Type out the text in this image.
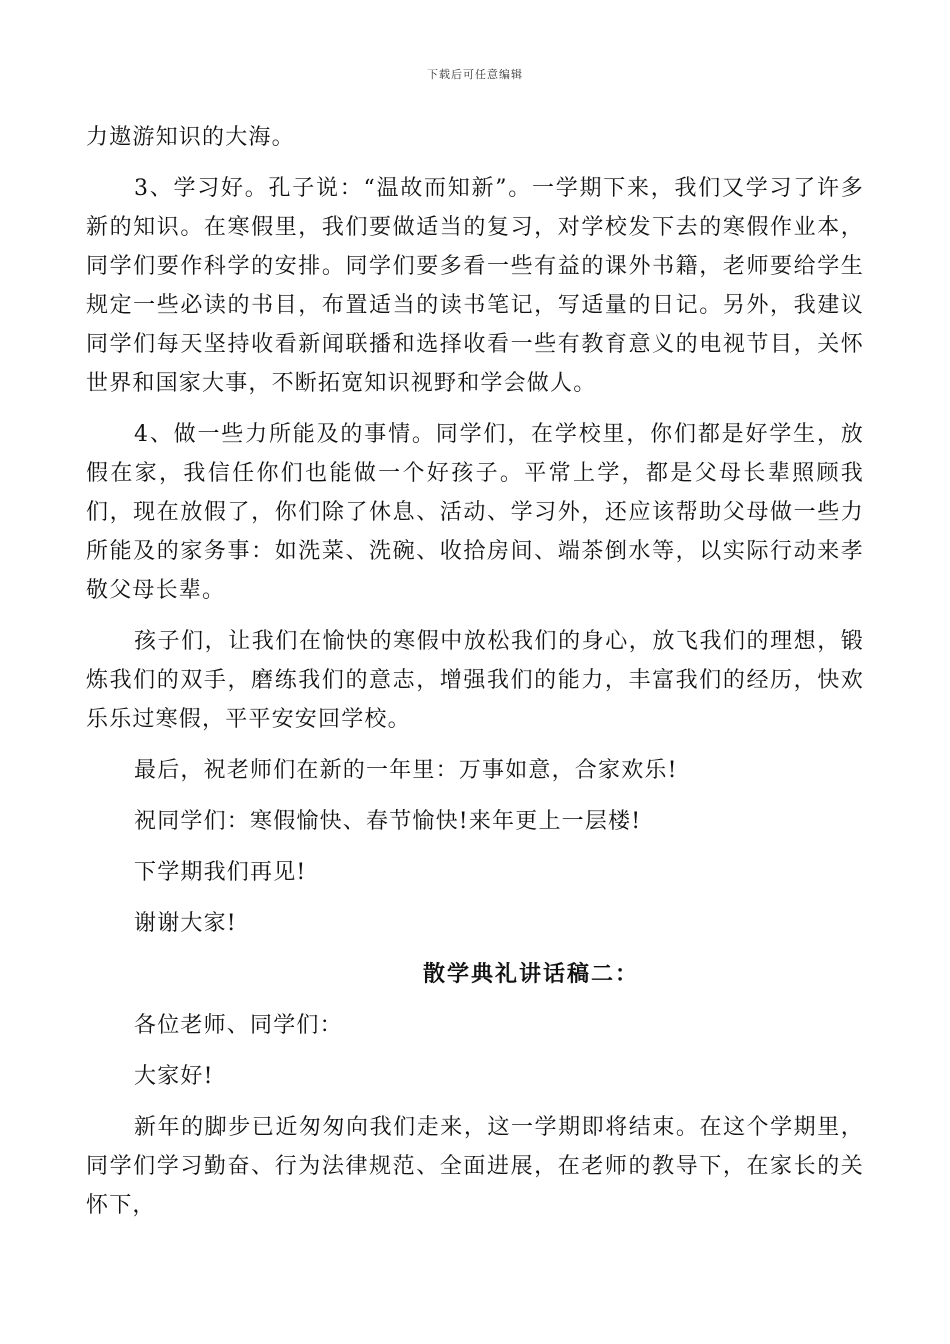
下载后可任意编辑

力遨游知识的大海。

3、学习好。孔子说：“温故而知新”。一学期下来，我们又学习了许多新的知识。在寒假里，我们要做适当的复习，对学校发下去的寒假作业本，同学们要作科学的安排。同学们要多看一些有益的课外书籍，老师要给学生规定一些必读的书目，布置适当的读书笔记，写适量的日记。另外，我建议同学们每天坚持收看新闻联播和选择收看一些有教育意义的电视节目，关怀世界和国家大事，不断拓宽知识视野和学会做人。

4、做一些力所能及的事情。同学们，在学校里，你们都是好学生，放假在家，我信任你们也能做一个好孩子。平常上学，都是父母长辈照顾我们，现在放假了，你们除了休息、活动、学习外，还应该帮助父母做一些力所能及的家务事：如洗菜、洗碗、收拾房间、端茶倒水等，以实际行动来孝敬父母长辈。

孩子们，让我们在愉快的寒假中放松我们的身心，放飞我们的理想，锻炼我们的双手，磨练我们的意志，增强我们的能力，丰富我们的经历，快欢乐乐过寒假，平平安安回学校。

最后，祝老师们在新的一年里：万事如意，合家欢乐!

祝同学们：寒假愉快、春节愉快!来年更上一层楼!

下学期我们再见!

谢谢大家!

散学典礼讲话稿二：

各位老师、同学们：

大家好!

新年的脚步已近匆匆向我们走来，这一学期即将结束。在这个学期里，同学们学习勤奋、行为法律规范、全面进展，在老师的教导下，在家长的关怀下，
